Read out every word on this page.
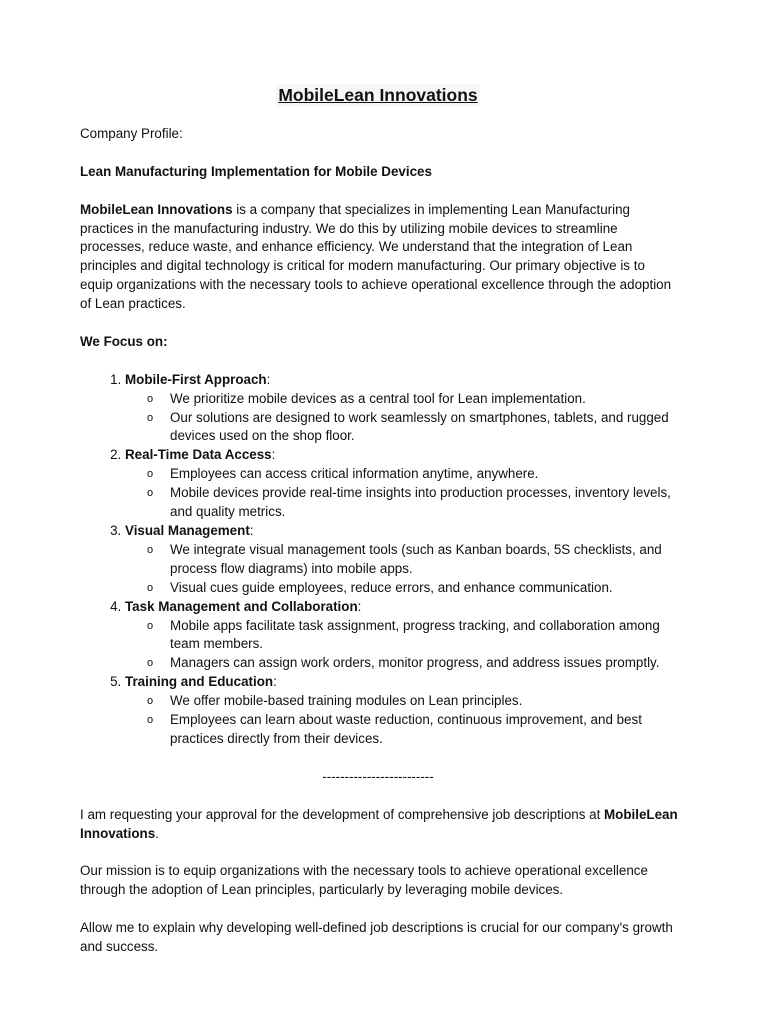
MobileLean Innovations

Company Profile:

Lean Manufacturing Implementation for Mobile Devices

MobileLean Innovations is a company that specializes in implementing Lean Manufacturing practices in the manufacturing industry. We do this by utilizing mobile devices to streamline processes, reduce waste, and enhance efficiency. We understand that the integration of Lean principles and digital technology is critical for modern manufacturing. Our primary objective is to equip organizations with the necessary tools to achieve operational excellence through the adoption of Lean practices.

We Focus on:

1. Mobile-First Approach:
o We prioritize mobile devices as a central tool for Lean implementation.
o Our solutions are designed to work seamlessly on smartphones, tablets, and rugged devices used on the shop floor.
2. Real-Time Data Access:
o Employees can access critical information anytime, anywhere.
o Mobile devices provide real-time insights into production processes, inventory levels, and quality metrics.
3. Visual Management:
o We integrate visual management tools (such as Kanban boards, 5S checklists, and process flow diagrams) into mobile apps.
o Visual cues guide employees, reduce errors, and enhance communication.
4. Task Management and Collaboration:
o Mobile apps facilitate task assignment, progress tracking, and collaboration among team members.
o Managers can assign work orders, monitor progress, and address issues promptly.
5. Training and Education:
o We offer mobile-based training modules on Lean principles.
o Employees can learn about waste reduction, continuous improvement, and best practices directly from their devices.
-------------------------

I am requesting your approval for the development of comprehensive job descriptions at MobileLean Innovations.

Our mission is to equip organizations with the necessary tools to achieve operational excellence through the adoption of Lean principles, particularly by leveraging mobile devices.

Allow me to explain why developing well-defined job descriptions is crucial for our company's growth and success.
